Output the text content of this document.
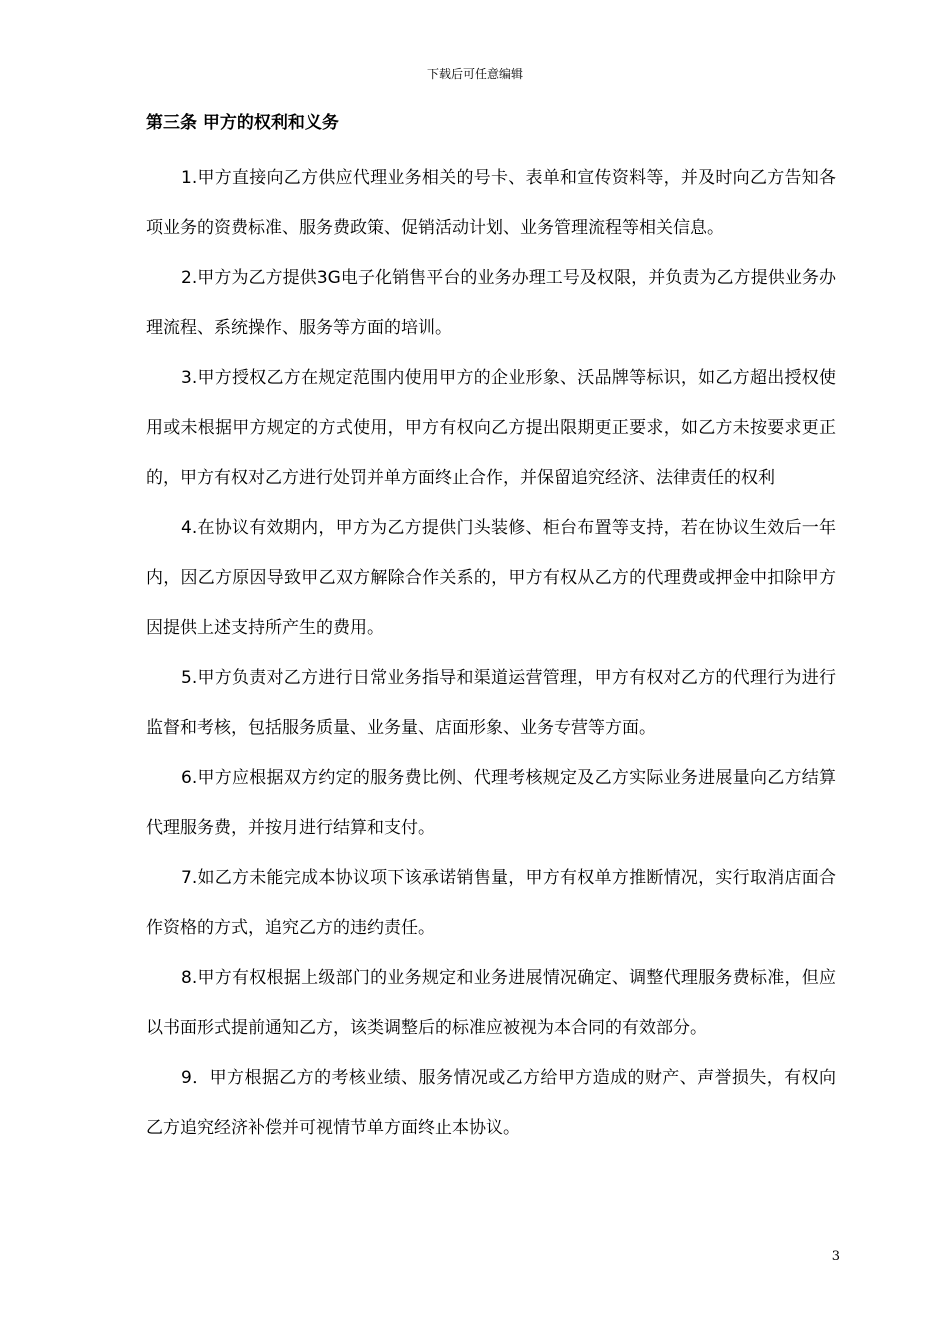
下载后可任意编辑
第三条 甲方的权利和义务

1.甲方直接向乙方供应代理业务相关的号卡、表单和宣传资料等，并及时向乙方告知各项业务的资费标准、服务费政策、促销活动计划、业务管理流程等相关信息。

2.甲方为乙方提供3G电子化销售平台的业务办理工号及权限，并负责为乙方提供业务办理流程、系统操作、服务等方面的培训。

3.甲方授权乙方在规定范围内使用甲方的企业形象、沃品牌等标识，如乙方超出授权使用或未根据甲方规定的方式使用，甲方有权向乙方提出限期更正要求，如乙方未按要求更正的，甲方有权对乙方进行处罚并单方面终止合作，并保留追究经济、法律责任的权利

4.在协议有效期内，甲方为乙方提供门头装修、柜台布置等支持，若在协议生效后一年内，因乙方原因导致甲乙双方解除合作关系的，甲方有权从乙方的代理费或押金中扣除甲方因提供上述支持所产生的费用。

5.甲方负责对乙方进行日常业务指导和渠道运营管理，甲方有权对乙方的代理行为进行监督和考核，包括服务质量、业务量、店面形象、业务专营等方面。

6.甲方应根据双方约定的服务费比例、代理考核规定及乙方实际业务进展量向乙方结算代理服务费，并按月进行结算和支付。

7.如乙方未能完成本协议项下该承诺销售量，甲方有权单方推断情况，实行取消店面合作资格的方式，追究乙方的违约责任。

8.甲方有权根据上级部门的业务规定和业务进展情况确定、调整代理服务费标准，但应以书面形式提前通知乙方，该类调整后的标准应被视为本合同的有效部分。

9．甲方根据乙方的考核业绩、服务情况或乙方给甲方造成的财产、声誉损失，有权向乙方追究经济补偿并可视情节单方面终止本协议。

3
